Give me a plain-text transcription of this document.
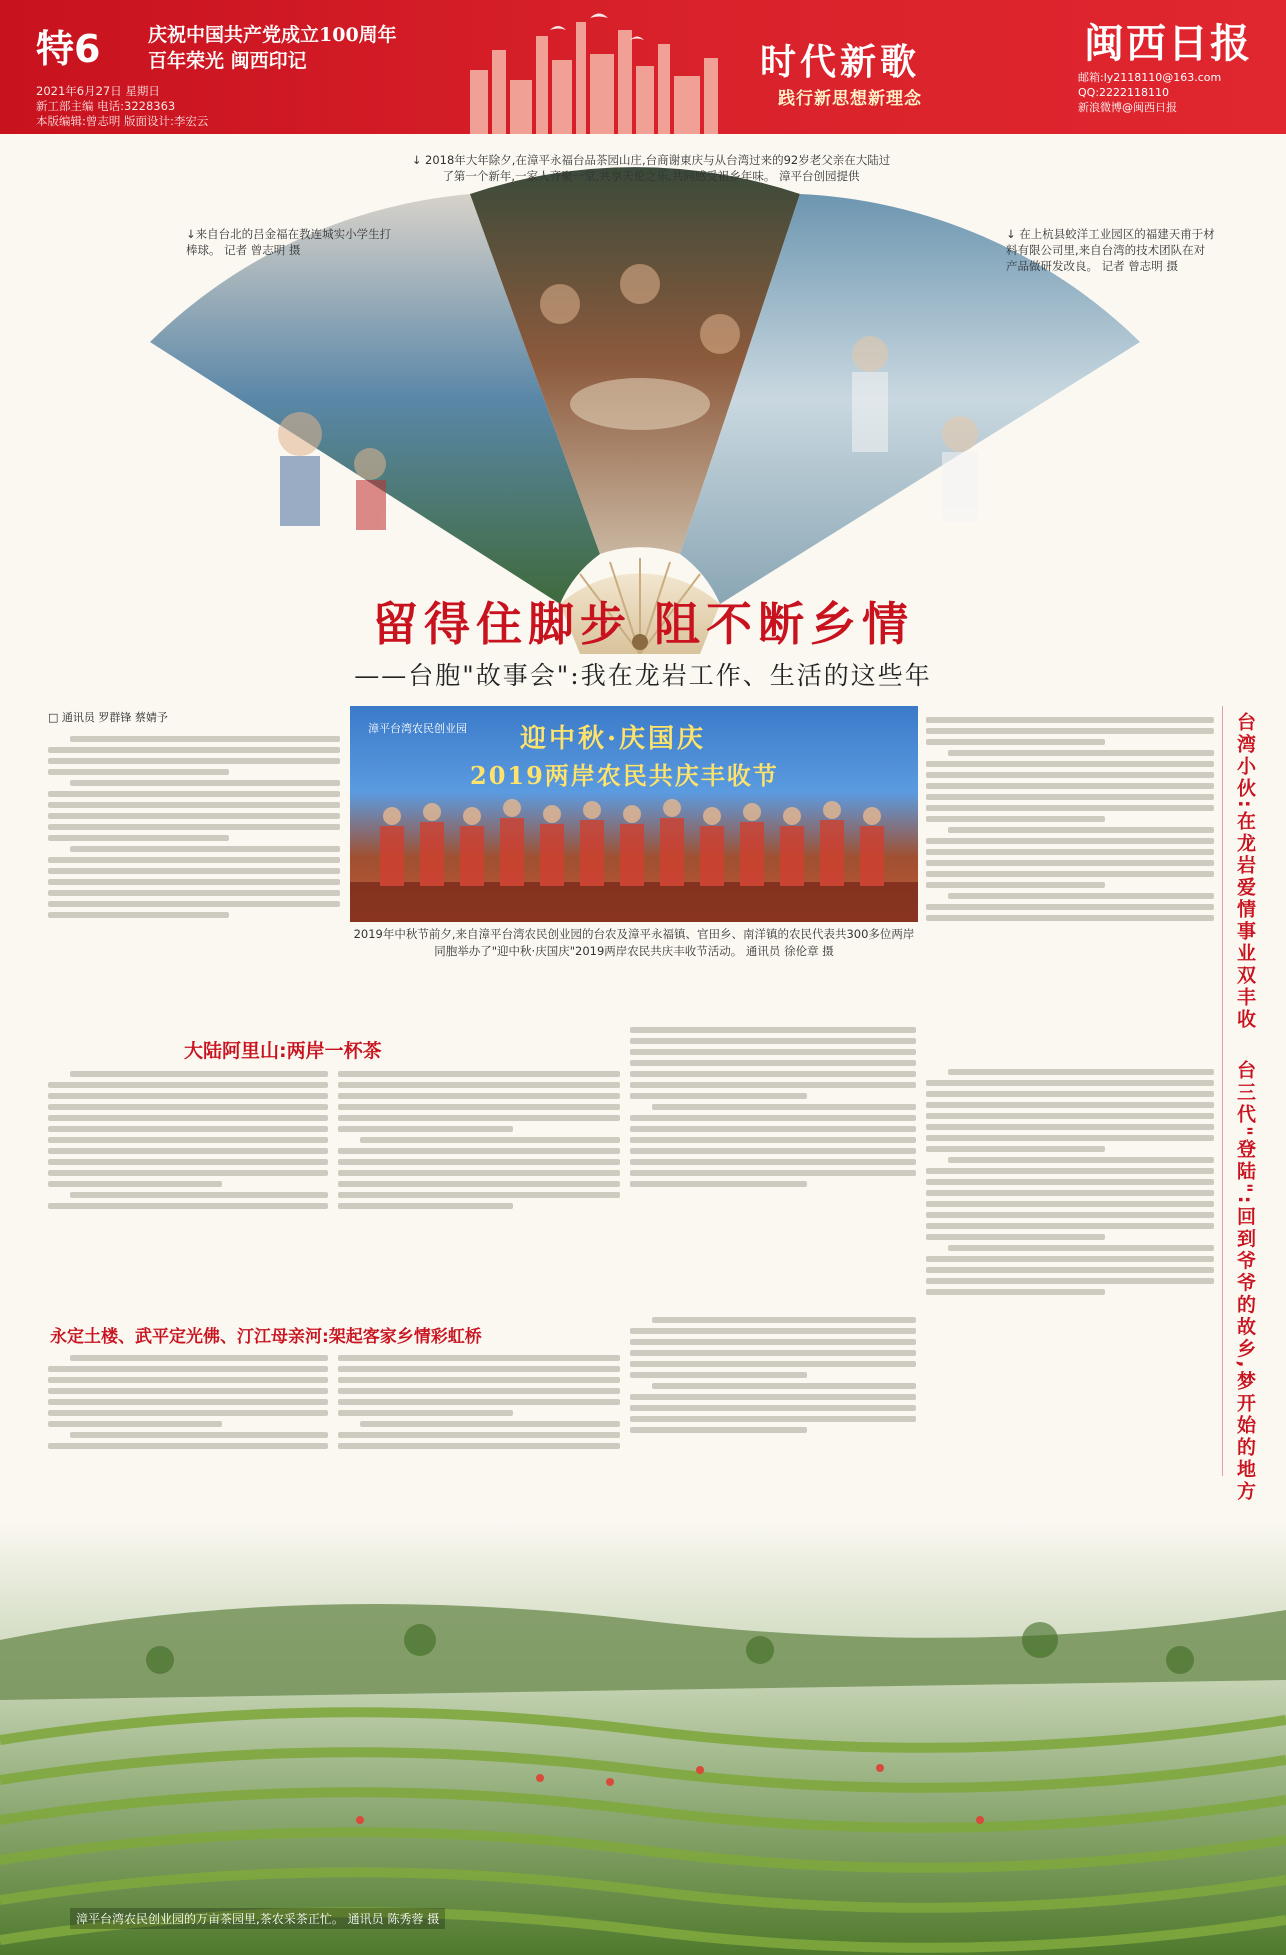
特6	庆祝中国共产党成立100周年
百年荣光 闽西印记
2021年6月27日 星期日
新工部主编 电话:3228363
本版编辑:曾志明 版面设计:李宏云
时代新歌
践行新思想新理念
闽西日报
邮箱:ly2118110@163.com
QQ:2222118110
新浪微博@闽西日报
↓ 2018年大年除夕,在漳平永福台品茶园山庄,台商谢東庆与从台湾过来的92岁老父亲在大陆过了第一个新年,一家人齐聚一堂,共享天伦之乐,共同感受祖乡年味。 漳平台创园提供
↓来自台北的吕金福在教连城实小学生打棒球。 记者 曾志明 摄
↓ 在上杭县蛟洋工业园区的福建天甫于材料有限公司里,来自台湾的技术团队在对产品做研发改良。 记者 曾志明 摄
留得住脚步 阻不断乡情
——台胞"故事会":我在龙岩工作、生活的这些年
漳平台湾农民创业园 迎中秋·庆国庆
2019两岸农民共庆丰收节
2019年中秋节前夕,来自漳平台湾农民创业园的台农及漳平永福镇、官田乡、南洋镇的农民代表共300多位两岸同胞举办了"迎中秋·庆国庆"2019两岸农民共庆丰收节活动。 通讯员 徐伦章 摄
□ 通讯员 罗群锋 蔡婧予
大陆阿里山:两岸一杯茶
永定土楼、武平定光佛、汀江母亲河:架起客家乡情彩虹桥
台湾小伙:在龙岩爱情事业双丰收
台三代"登陆":回到爷爷的故乡,梦开始的地方
漳平台湾农民创业园的万亩茶园里,茶农采茶正忙。 通讯员 陈秀蓉 摄
